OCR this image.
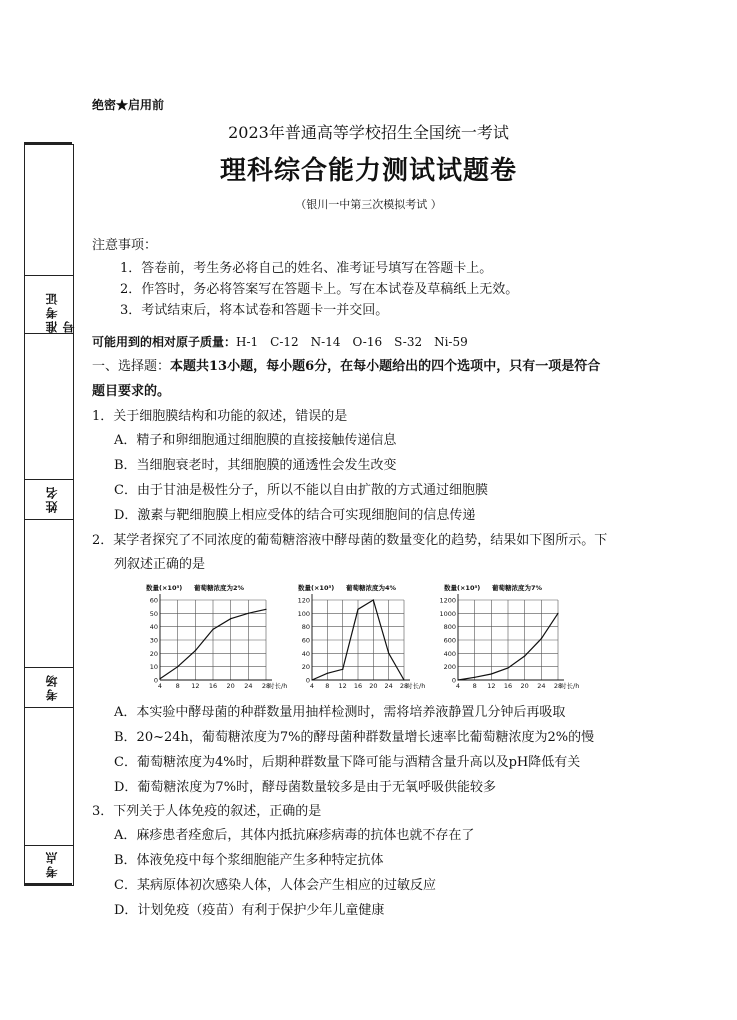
准考证号
姓名
考场
考点
绝密★启用前
2023年普通高等学校招生全国统一考试
理科综合能力测试试题卷
（银川一中第三次模拟考试 ）
注意事项：
1．答卷前，考生务必将自己的姓名、准考证号填写在答题卡上。
2．作答时，务必将答案写在答题卡上。写在本试卷及草稿纸上无效。
3．考试结束后，将本试卷和答题卡一并交回。
可能用到的相对原子质量：H-1　C-12　N-14　O-16　S-32　Ni-59
一、选择题：本题共13小题，每小题6分，在每小题给出的四个选项中，只有一项是符合
题目要求的。
1．关于细胞膜结构和功能的叙述，错误的是
A．精子和卵细胞通过细胞膜的直接接触传递信息
B．当细胞衰老时，其细胞膜的通透性会发生改变
C．由于甘油是极性分子，所以不能以自由扩散的方式通过细胞膜
D．激素与靶细胞膜上相应受体的结合可实现细胞间的信息传递
2．某学者探究了不同浓度的葡萄糖溶液中酵母菌的数量变化的趋势，结果如下图所示。下
列叙述正确的是
0
10
20
30
40
50
60
4 8 12 16 20 24 28
数量(×10⁵) 葡萄糖浓度为2%
时长/h
0
20
40
60
80
100
120
4 8 12 16 20 24 28
数量(×10⁵) 葡萄糖浓度为4%
时长/h
0
200
400
600
800
1000
1200
4 8 12 16 20 24 28
数量(×10⁵) 葡萄糖浓度为7%
时长/h
A．本实验中酵母菌的种群数量用抽样检测时，需将培养液静置几分钟后再吸取
B．20~24h，葡萄糖浓度为7%的酵母菌种群数量增长速率比葡萄糖浓度为2%的慢
C．葡萄糖浓度为4%时，后期种群数量下降可能与酒精含量升高以及pH降低有关
D．葡萄糖浓度为7%时，酵母菌数量较多是由于无氧呼吸供能较多
3．下列关于人体免疫的叙述，正确的是
A．麻疹患者痊愈后，其体内抵抗麻疹病毒的抗体也就不存在了
B．体液免疫中每个浆细胞能产生多种特定抗体
C．某病原体初次感染人体，人体会产生相应的过敏反应
D．计划免疫（疫苗）有利于保护少年儿童健康
